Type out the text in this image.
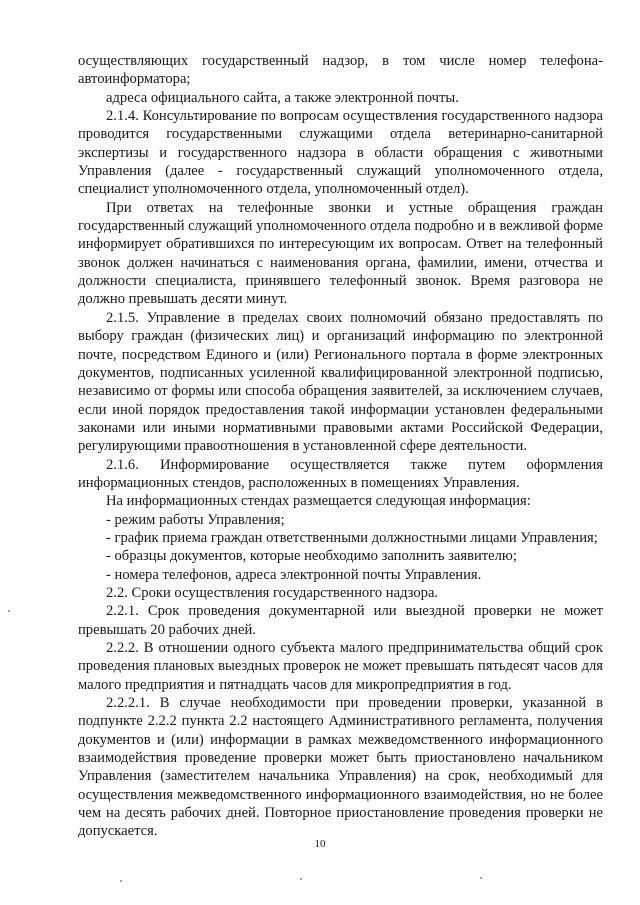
осуществляющих государственный надзор, в том числе номер телефона-автоинформатора;

адреса официального сайта, а также электронной почты.

2.1.4. Консультирование по вопросам осуществления государственного надзора проводится государственными служащими отдела ветеринарно-санитарной экспертизы и государственного надзора в области обращения с животными Управления (далее - государственный служащий уполномоченного отдела, специалист уполномоченного отдела, уполномоченный отдел).

При ответах на телефонные звонки и устные обращения граждан государственный служащий уполномоченного отдела подробно и в вежливой форме информирует обратившихся по интересующим их вопросам. Ответ на телефонный звонок должен начинаться с наименования органа, фамилии, имени, отчества и должности специалиста, принявшего телефонный звонок. Время разговора не должно превышать десяти минут.

2.1.5. Управление в пределах своих полномочий обязано предоставлять по выбору граждан (физических лиц) и организаций информацию по электронной почте, посредством Единого и (или) Регионального портала в форме электронных документов, подписанных усиленной квалифицированной электронной подписью, независимо от формы или способа обращения заявителей, за исключением случаев, если иной порядок предоставления такой информации установлен федеральными законами или иными нормативными правовыми актами Российской Федерации, регулирующими правоотношения в установленной сфере деятельности.

2.1.6. Информирование осуществляется также путем оформления информационных стендов, расположенных в помещениях Управления.

На информационных стендах размещается следующая информация:

- режим работы Управления;

- график приема граждан ответственными должностными лицами Управления;

- образцы документов, которые необходимо заполнить заявителю;

- номера телефонов, адреса электронной почты Управления.

2.2. Сроки осуществления государственного надзора.

2.2.1. Срок проведения документарной или выездной проверки не может превышать 20 рабочих дней.

2.2.2. В отношении одного субъекта малого предпринимательства общий срок проведения плановых выездных проверок не может превышать пятьдесят часов для малого предприятия и пятнадцать часов для микропредприятия в год.

2.2.2.1. В случае необходимости при проведении проверки, указанной в подпункте 2.2.2 пункта 2.2 настоящего Административного регламента, получения документов и (или) информации в рамках межведомственного информационного взаимодействия проведение проверки может быть приостановлено начальником Управления (заместителем начальника Управления) на срок, необходимый для осуществления межведомственного информационного взаимодействия, но не более чем на десять рабочих дней. Повторное приостановление проведения проверки не допускается.

10
